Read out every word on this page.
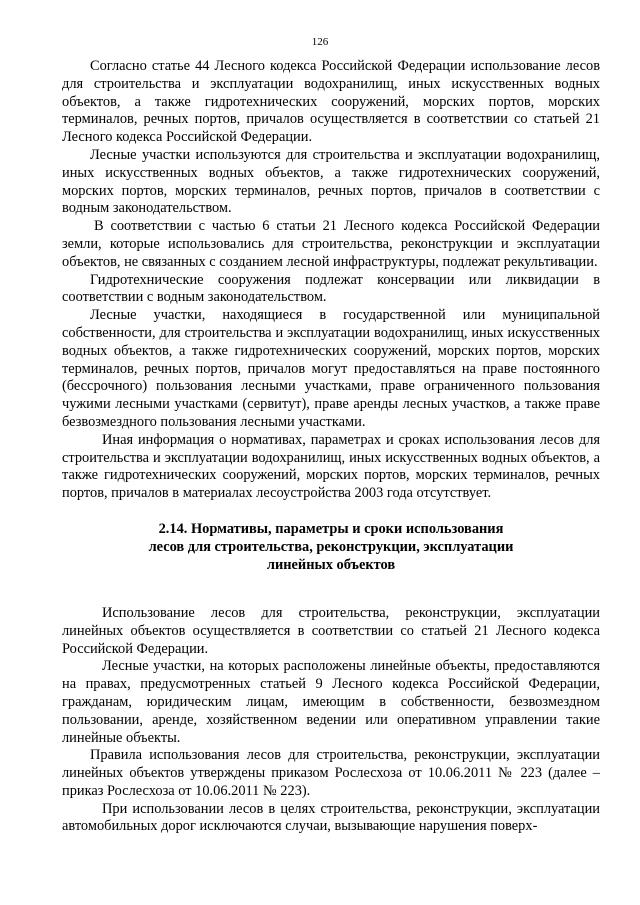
126

Согласно статье 44 Лесного кодекса Российской Федерации использование лесов для строительства и эксплуатации водохранилищ, иных искусственных водных объектов, а также гидротехнических сооружений, морских портов, морских терминалов, речных портов, причалов осуществляется в соответствии со статьей 21 Лесного кодекса Российской Федерации.

Лесные участки используются для строительства и эксплуатации водохранилищ, иных искусственных водных объектов, а также гидротехнических сооружений, морских портов, морских терминалов, речных портов, причалов в соответствии с водным законодательством.

В соответствии с частью 6 статьи 21 Лесного кодекса Российской Федерации земли, которые использовались для строительства, реконструкции и эксплуатации объектов, не связанных с созданием лесной инфраструктуры, подлежат рекультивации.

Гидротехнические сооружения подлежат консервации или ликвидации в соответствии с водным законодательством.

Лесные участки, находящиеся в государственной или муниципальной собственности, для строительства и эксплуатации водохранилищ, иных искусственных водных объектов, а также гидротехнических сооружений, морских портов, морских терминалов, речных портов, причалов могут предоставляться на праве постоянного (бессрочного) пользования лесными участками, праве ограниченного пользования чужими лесными участками (сервитут), праве аренды лесных участков, а также праве безвозмездного пользования лесными участками.

Иная информация о нормативах, параметрах и сроках использования лесов для строительства и эксплуатации водохранилищ, иных искусственных водных объектов, а также гидротехнических сооружений, морских портов, морских терминалов, речных портов, причалов в материалах лесоустройства 2003 года отсутствует.

2.14. Нормативы, параметры и сроки использования
лесов для строительства, реконструкции, эксплуатации
линейных объектов

Использование лесов для строительства, реконструкции, эксплуатации линейных объектов осуществляется в соответствии со статьей 21 Лесного кодекса Российской Федерации.

Лесные участки, на которых расположены линейные объекты, предоставляются на правах, предусмотренных статьей 9 Лесного кодекса Российской Федерации, гражданам, юридическим лицам, имеющим в собственности, безвозмездном пользовании, аренде, хозяйственном ведении или оперативном управлении такие линейные объекты.

Правила использования лесов для строительства, реконструкции, эксплуатации линейных объектов утверждены приказом Рослесхоза от 10.06.2011 № 223 (далее – приказ Рослесхоза от 10.06.2011 № 223).

При использовании лесов в целях строительства, реконструкции, эксплуатации автомобильных дорог исключаются случаи, вызывающие нарушения поверх-
